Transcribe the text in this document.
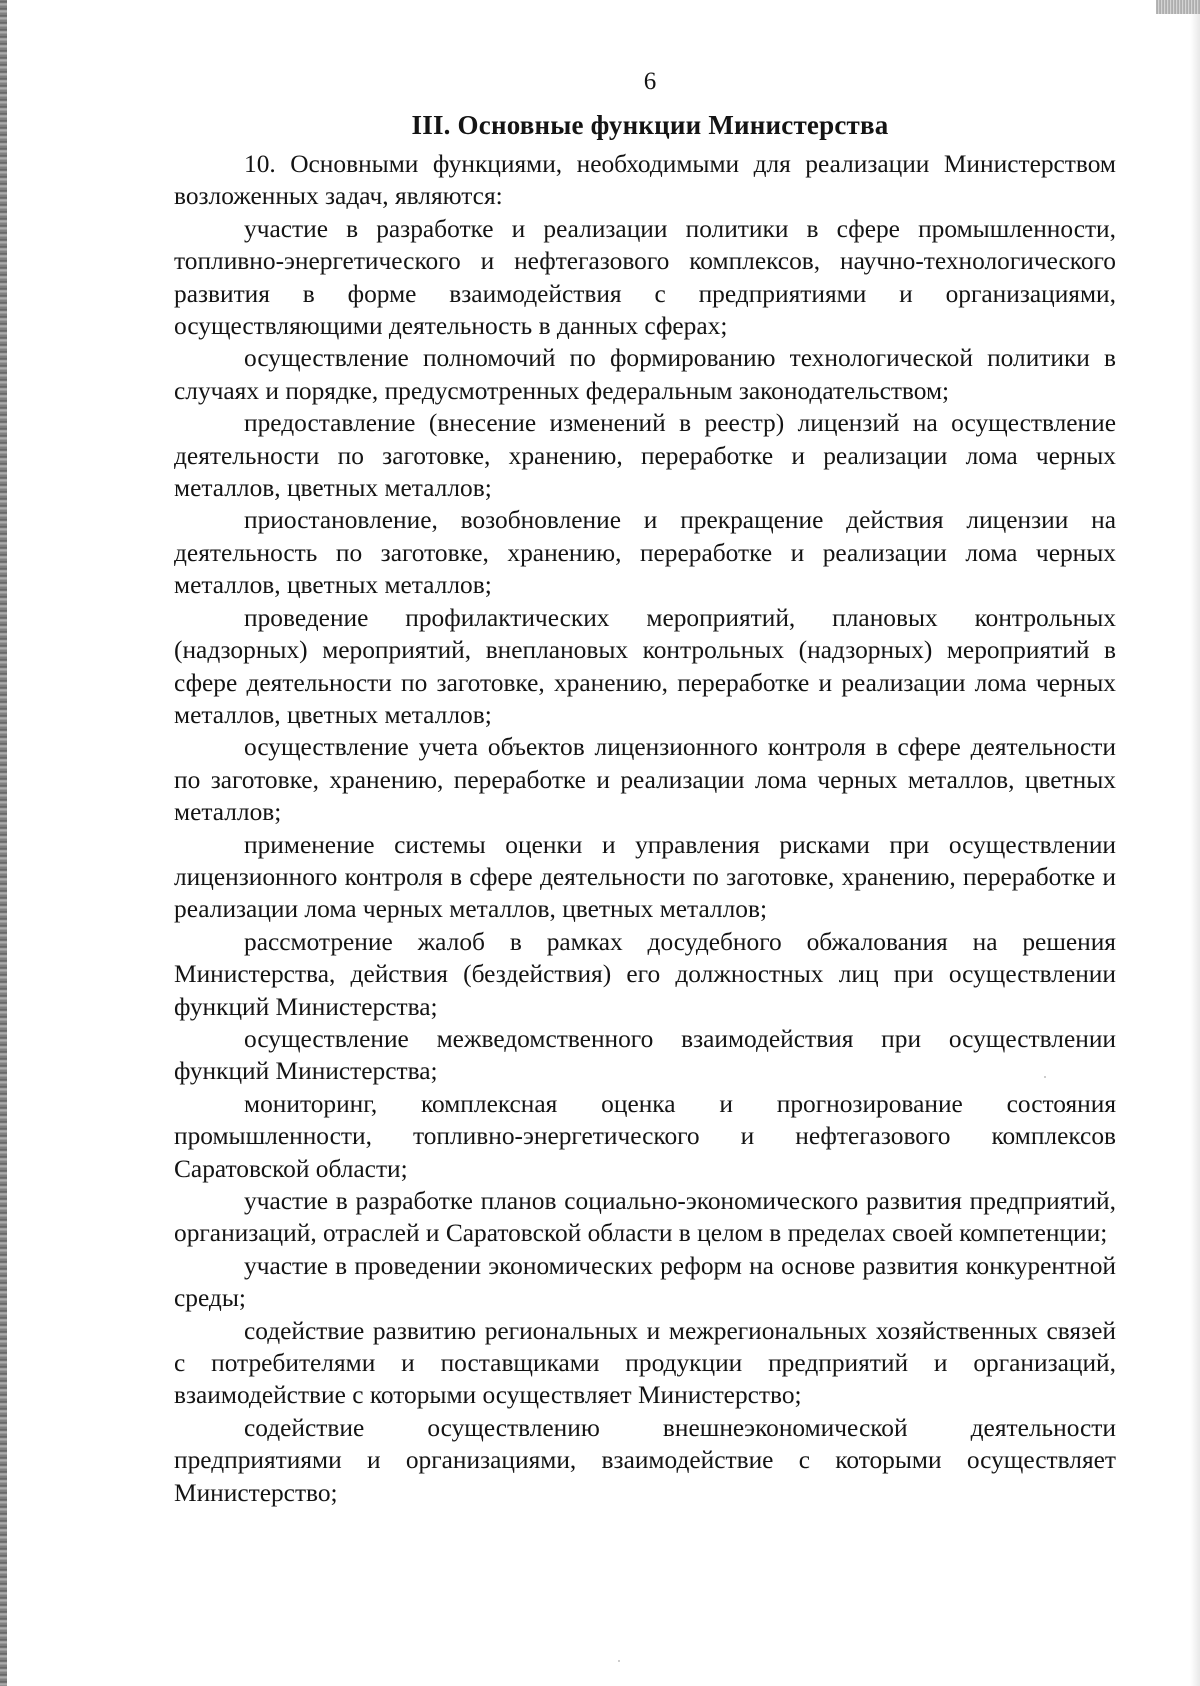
6
III. Основные функции Министерства

10. Основными функциями, необходимыми для реализации Министерством возложенных задач, являются:

участие в разработке и реализации политики в сфере промышленности, топливно-энергетического и нефтегазового комплексов, научно-технологического развития в форме взаимодействия с предприятиями и организациями, осуществляющими деятельность в данных сферах;

осуществление полномочий по формированию технологической политики в случаях и порядке, предусмотренных федеральным законодательством;

предоставление (внесение изменений в реестр) лицензий на осуществление деятельности по заготовке, хранению, переработке и реализации лома черных металлов, цветных металлов;

приостановление, возобновление и прекращение действия лицензии на деятельность по заготовке, хранению, переработке и реализации лома черных металлов, цветных металлов;

проведение профилактических мероприятий, плановых контрольных (надзорных) мероприятий, внеплановых контрольных (надзорных) мероприятий в сфере деятельности по заготовке, хранению, переработке и реализации лома черных металлов, цветных металлов;

осуществление учета объектов лицензионного контроля в сфере деятельности по заготовке, хранению, переработке и реализации лома черных металлов, цветных металлов;

применение системы оценки и управления рисками при осуществлении лицензионного контроля в сфере деятельности по заготовке, хранению, переработке и реализации лома черных металлов, цветных металлов;

рассмотрение жалоб в рамках досудебного обжалования на решения Министерства, действия (бездействия) его должностных лиц при осуществлении функций Министерства;

осуществление межведомственного взаимодействия при осуществлении функций Министерства;

мониторинг, комплексная оценка и прогнозирование состояния промышленности, топливно-энергетического и нефтегазового комплексов Саратовской области;

участие в разработке планов социально-экономического развития предприятий, организаций, отраслей и Саратовской области в целом в пределах своей компетенции;

участие в проведении экономических реформ на основе развития конкурентной среды;

содействие развитию региональных и межрегиональных хозяйственных связей с потребителями и поставщиками продукции предприятий и организаций, взаимодействие с которыми осуществляет Министерство;

содействие осуществлению внешнеэкономической деятельности предприятиями и организациями, взаимодействие с которыми осуществляет Министерство;
